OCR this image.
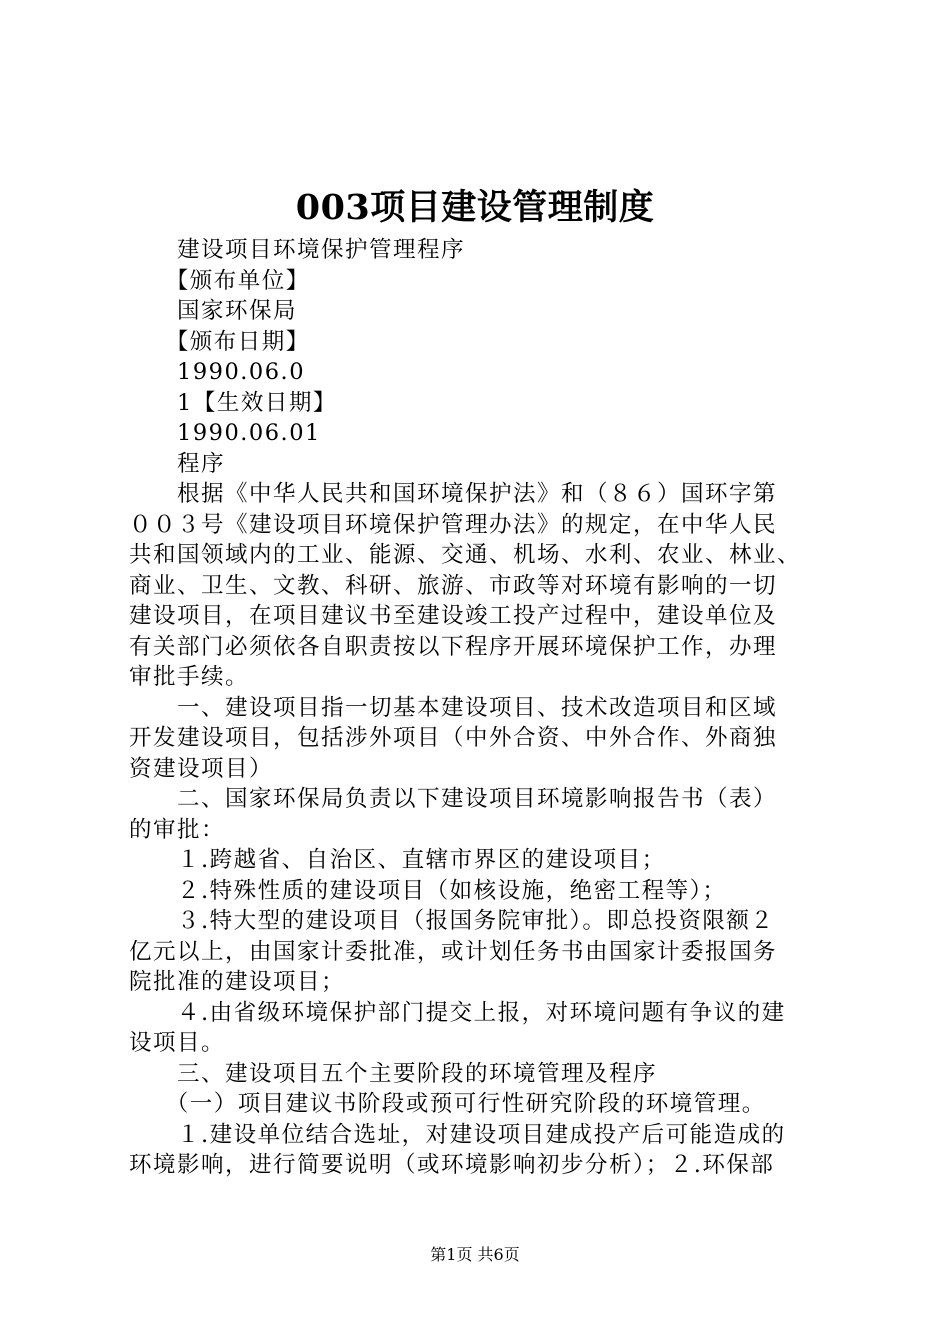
003项目建设管理制度
　　建设项目环境保护管理程序
　　【颁布单位】
　　国家环保局
　　【颁布日期】
　　1990.06.0
　　1【生效日期】
　　1990.06.01
　　程序
　　根据《中华人民共和国环境保护法》和（８６）国环字第
００３号《建设项目环境保护管理办法》的规定，在中华人民
共和国领域内的工业、能源、交通、机场、水利、农业、林业、
商业、卫生、文教、科研、旅游、市政等对环境有影响的一切
建设项目，在项目建议书至建设竣工投产过程中，建设单位及
有关部门必须依各自职责按以下程序开展环境保护工作，办理
审批手续。
　　一、建设项目指一切基本建设项目、技术改造项目和区域
开发建设项目，包括涉外项目（中外合资、中外合作、外商独
资建设项目）
　　二、国家环保局负责以下建设项目环境影响报告书（表）
的审批：
　　１.跨越省、自治区、直辖市界区的建设项目；
　　２.特殊性质的建设项目（如核设施，绝密工程等）；
　　３.特大型的建设项目（报国务院审批）。即总投资限额２
亿元以上，由国家计委批准，或计划任务书由国家计委报国务
院批准的建设项目；
　　４.由省级环境保护部门提交上报，对环境问题有争议的建
设项目。
　　三、建设项目五个主要阶段的环境管理及程序
　　（一）项目建议书阶段或预可行性研究阶段的环境管理。
　　１.建设单位结合选址，对建设项目建成投产后可能造成的
环境影响，进行简要说明（或环境影响初步分析）；２.环保部
第1页 共6页
